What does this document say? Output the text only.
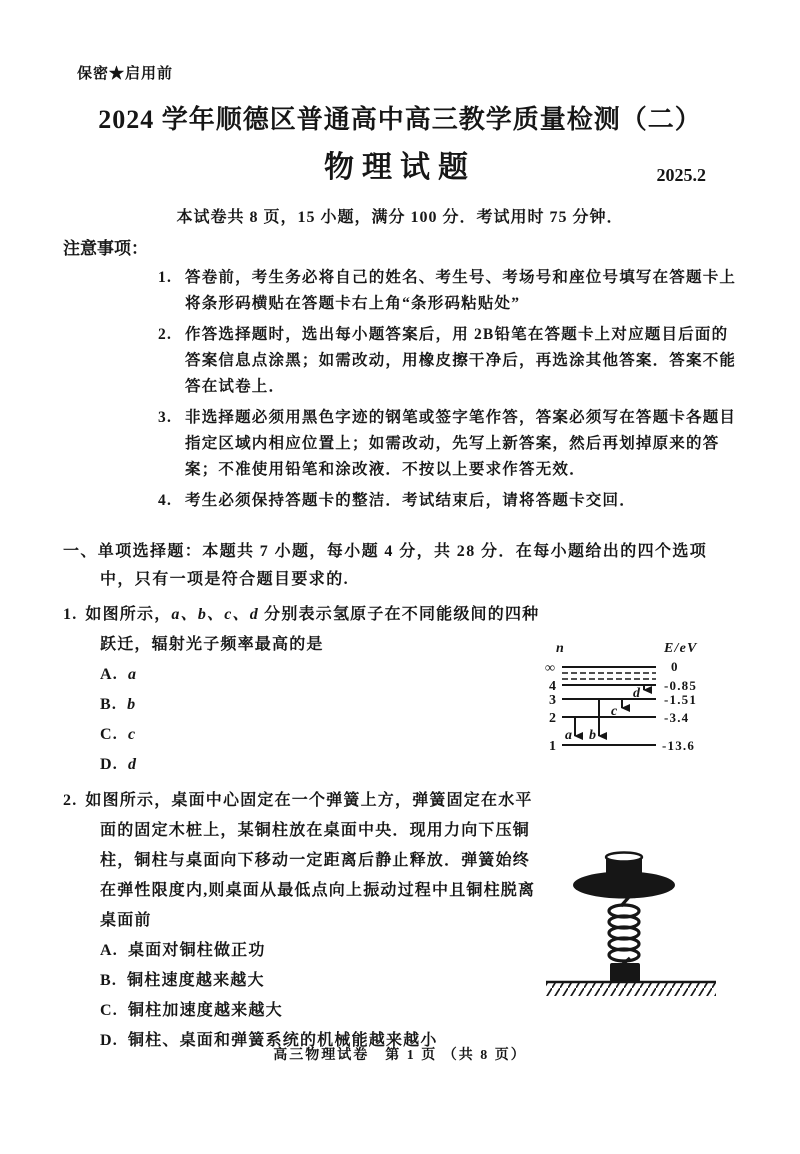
保密★启用前
2024 学年顺德区普通高中高三教学质量检测（二）
物理试题	2025.2
本试卷共 8 页，15 小题，满分 100 分．考试用时 75 分钟．
注意事项：
1. 答卷前，考生务必将自己的姓名、考生号、考场号和座位号填写在答题卡上　将条形码横贴在答题卡右上角“条形码粘贴处”
2. 作答选择题时，选出每小题答案后，用 2B铅笔在答题卡上对应题目后面的答案信息点涂黑；如需改动，用橡皮擦干净后，再选涂其他答案．答案不能答在试卷上．
3. 非选择题必须用黑色字迹的钢笔或签字笔作答，答案必须写在答题卡各题目指定区域内相应位置上；如需改动，先写上新答案，然后再划掉原来的答案；不准使用铅笔和涂改液．不按以上要求作答无效．
4. 考生必须保持答题卡的整洁．考试结束后，请将答题卡交回．
一、单项选择题：本题共 7 小题，每小题 4 分，共 28 分．在每小题给出的四个选项中，只有一项是符合题目要求的.
n	E/eV
∞	0
4	-0.85
3	-1.51
2	-3.4
1	-13.6
a b
c
d
1. 如图所示，a、b、c、d 分别表示氢原子在不同能级间的四种跃迁，辐射光子频率最高的是
A. a
B. b
C. c
D. d
2. 如图所示，桌面中心固定在一个弹簧上方，弹簧固定在水平面的固定木桩上，某铜柱放在桌面中央．现用力向下压铜柱，铜柱与桌面向下移动一定距离后静止释放．弹簧始终在弹性限度内,则桌面从最低点向上振动过程中且铜柱脱离桌面前
A. 桌面对铜柱做正功
B. 铜柱速度越来越大
C. 铜柱加速度越来越大
D. 铜柱、桌面和弹簧系统的机械能越来越小
高三物理试卷　第 1 页 （共 8 页）
